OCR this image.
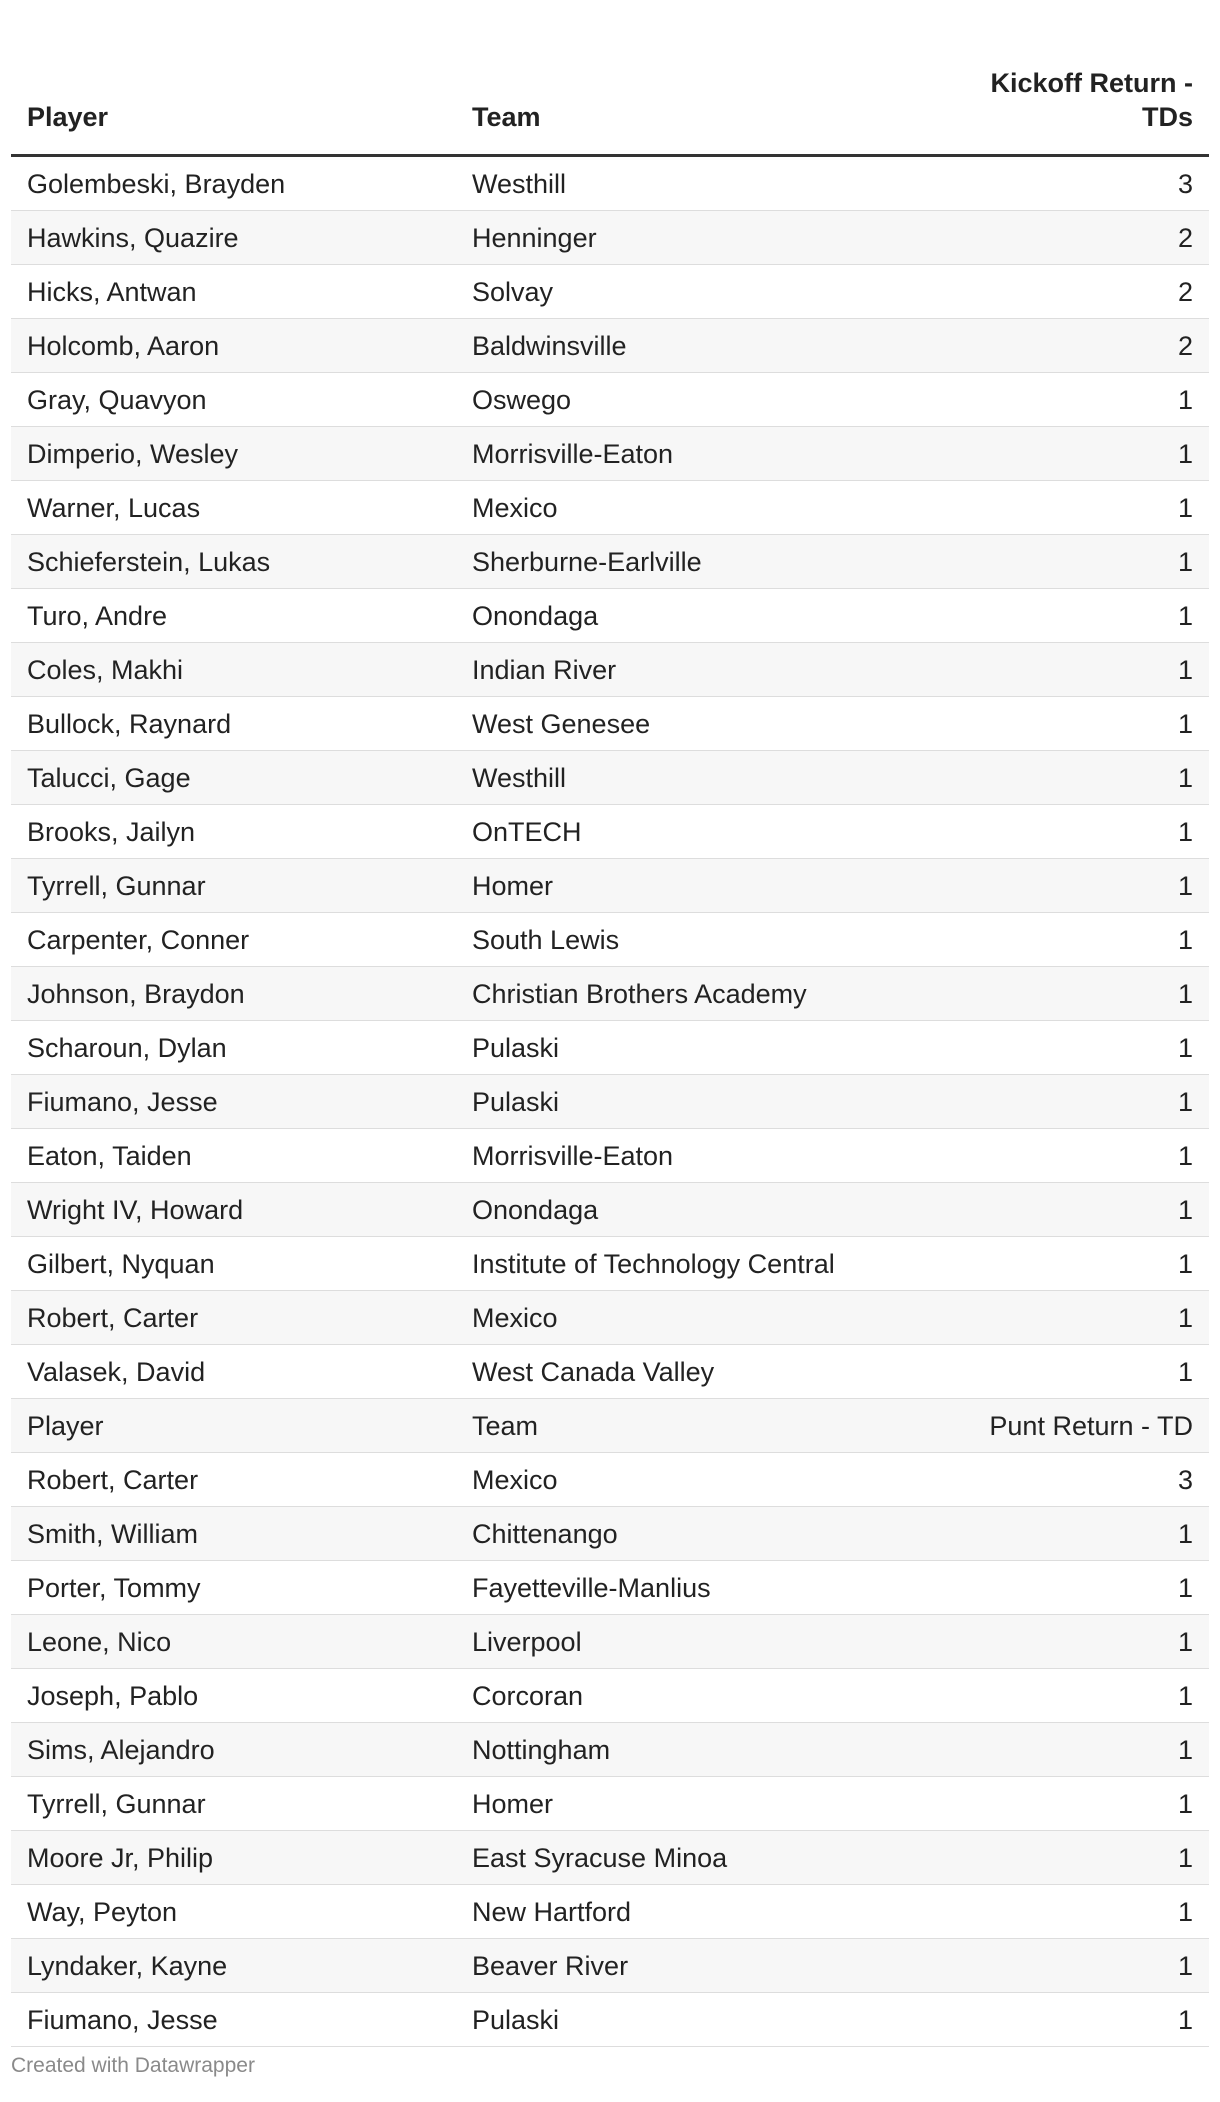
Player	Team	Kickoff Return - TDs
Golembeski, Brayden	Westhill	3
Hawkins, Quazire	Henninger	2
Hicks, Antwan	Solvay	2
Holcomb, Aaron	Baldwinsville	2
Gray, Quavyon	Oswego	1
Dimperio, Wesley	Morrisville-Eaton	1
Warner, Lucas	Mexico	1
Schieferstein, Lukas	Sherburne-Earlville	1
Turo, Andre	Onondaga	1
Coles, Makhi	Indian River	1
Bullock, Raynard	West Genesee	1
Talucci, Gage	Westhill	1
Brooks, Jailyn	OnTECH	1
Tyrrell, Gunnar	Homer	1
Carpenter, Conner	South Lewis	1
Johnson, Braydon	Christian Brothers Academy	1
Scharoun, Dylan	Pulaski	1
Fiumano, Jesse	Pulaski	1
Eaton, Taiden	Morrisville-Eaton	1
Wright IV, Howard	Onondaga	1
Gilbert, Nyquan	Institute of Technology Central	1
Robert, Carter	Mexico	1
Valasek, David	West Canada Valley	1
Player	Team	Punt Return - TD
Robert, Carter	Mexico	3
Smith, William	Chittenango	1
Porter, Tommy	Fayetteville-Manlius	1
Leone, Nico	Liverpool	1
Joseph, Pablo	Corcoran	1
Sims, Alejandro	Nottingham	1
Tyrrell, Gunnar	Homer	1
Moore Jr, Philip	East Syracuse Minoa	1
Way, Peyton	New Hartford	1
Lyndaker, Kayne	Beaver River	1
Fiumano, Jesse	Pulaski	1
Created with Datawrapper
